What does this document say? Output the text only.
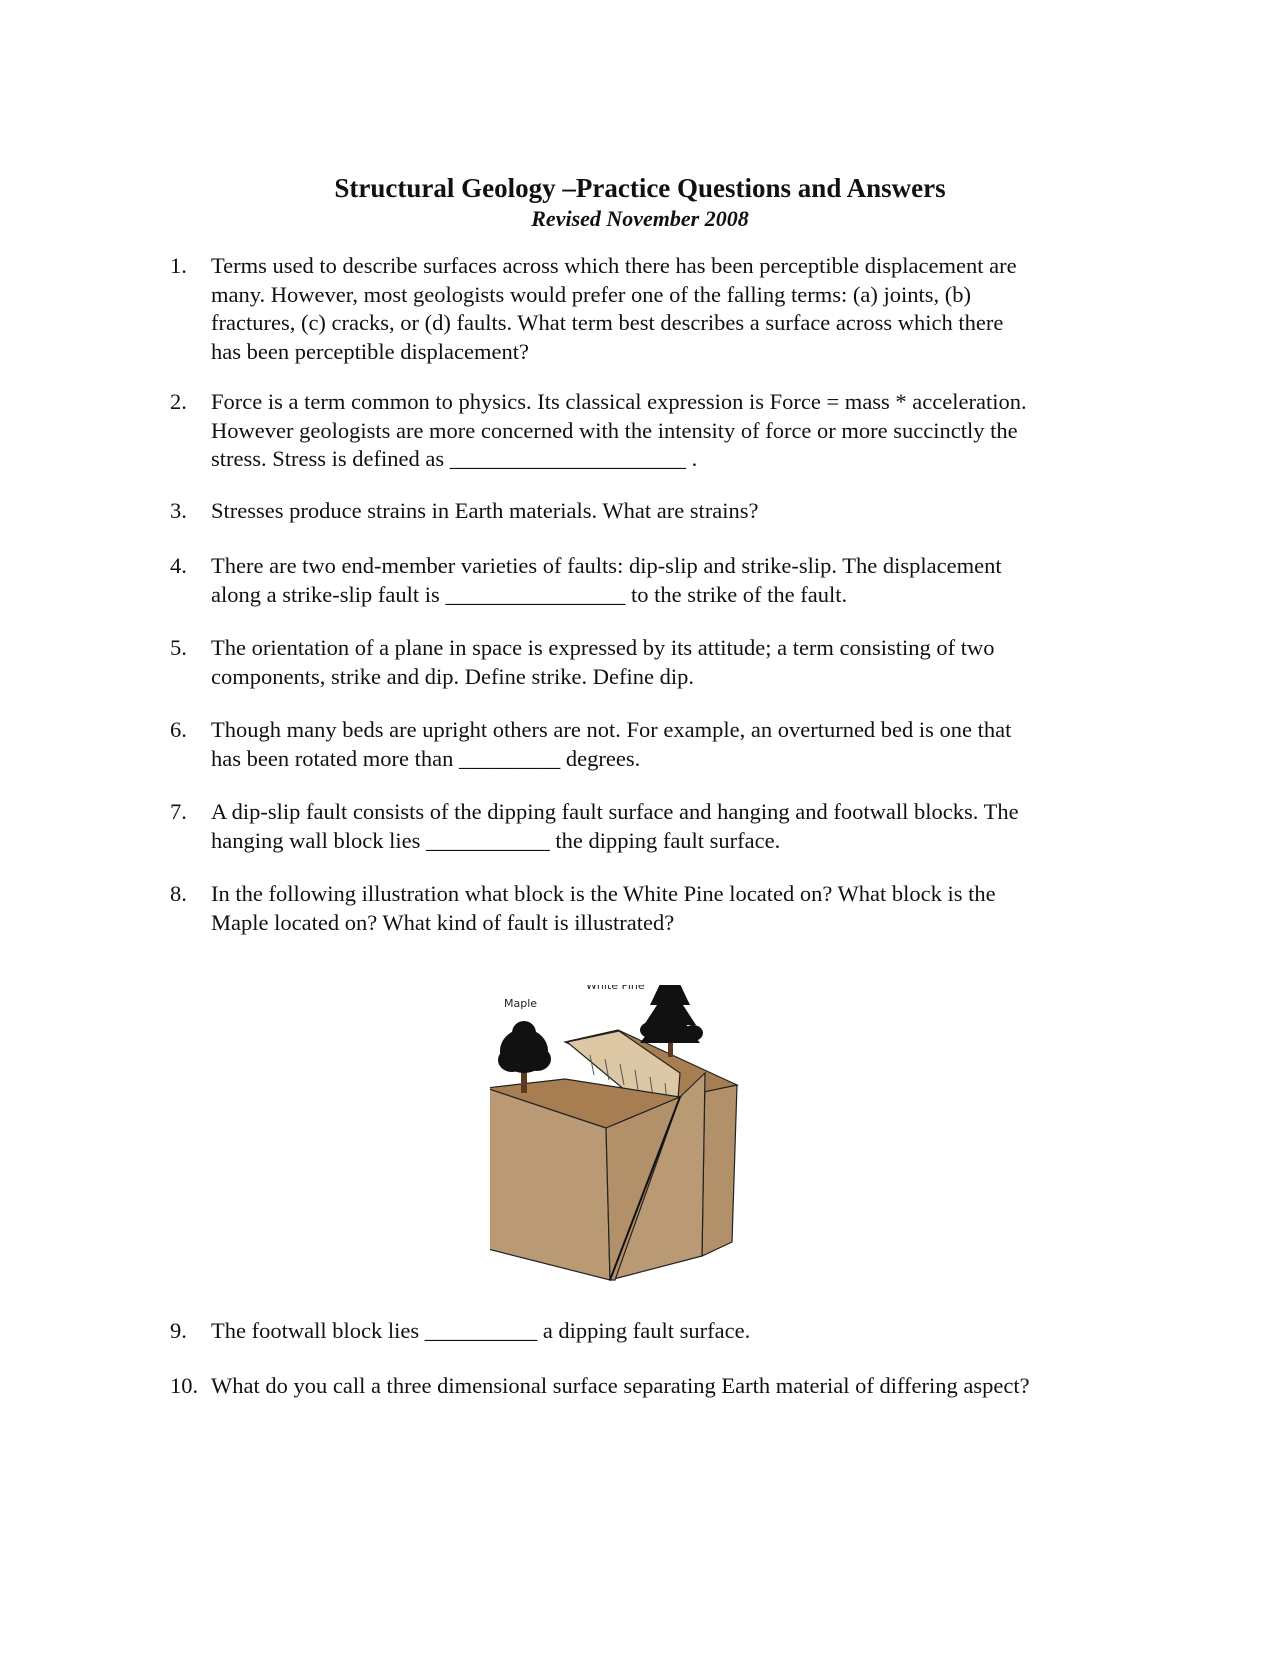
Structural Geology –Practice Questions and Answers
Revised November 2008
1.	Terms used to describe surfaces across which there has been perceptible displacement are
many. However, most geologists would prefer one of the falling terms: (a) joints, (b)
fractures, (c) cracks, or (d) faults. What term best describes a surface across which there
has been perceptible displacement?
2.	Force is a term common to physics. Its classical expression is Force = mass * acceleration.
However geologists are more concerned with the intensity of force or more succinctly the
stress. Stress is defined as _____________________ .
3.	Stresses produce strains in Earth materials. What are strains?
4.	There are two end-member varieties of faults: dip-slip and strike-slip. The displacement
along a strike-slip fault is ________________ to the strike of the fault.
5.	The orientation of a plane in space is expressed by its attitude; a term consisting of two
components, strike and dip. Define strike. Define dip.
6.	Though many beds are upright others are not. For example, an overturned bed is one that
has been rotated more than _________ degrees.
7.	A dip-slip fault consists of the dipping fault surface and hanging and footwall blocks. The
hanging wall block lies ___________ the dipping fault surface.
8.	In the following illustration what block is the White Pine located on? What block is the
Maple located on? What kind of fault is illustrated?
Maple
White Pine
9.	The footwall block lies __________ a dipping fault surface.
10. What do you call a three dimensional surface separating Earth material of differing aspect?
